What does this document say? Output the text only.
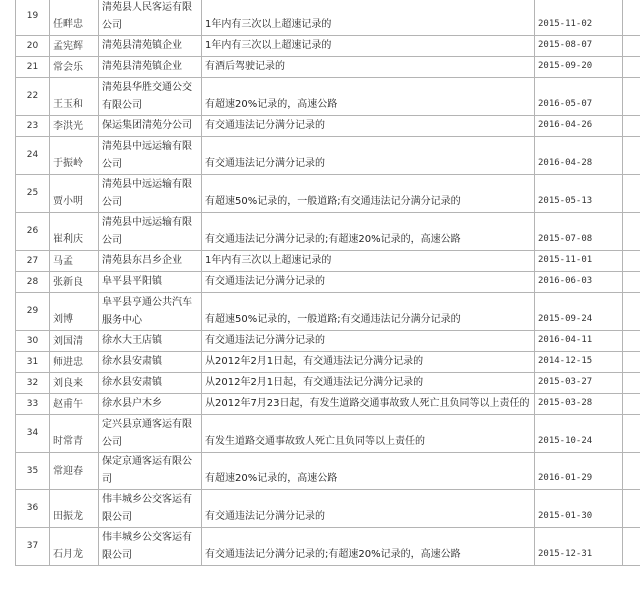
19	任畔忠	清苑县人民客运有限公司	1年内有三次以上超速记录的	2015-11-02	
20	孟宪辉	清苑县清苑镇企业	1年内有三次以上超速记录的	2015-08-07	
21	常会乐	清苑县清苑镇企业	有酒后驾驶记录的	2015-09-20	
22	王玉和	清苑县华胜交通公交有限公司	有超速20%记录的，高速公路	2016-05-07	
23	李洪光	保运集团清苑分公司	有交通违法记分满分记录的	2016-04-26	
24	于振岭	清苑县中远运输有限公司	有交通违法记分满分记录的	2016-04-28	
25	贾小明	清苑县中远运输有限公司	有超速50%记录的，一般道路;有交通违法记分满分记录的	2015-05-13	
26	崔利庆	清苑县中远运输有限公司	有交通违法记分满分记录的;有超速20%记录的，高速公路	2015-07-08	
27	马孟	清苑县东吕乡企业	1年内有三次以上超速记录的	2015-11-01	
28	张新良	阜平县平阳镇	有交通违法记分满分记录的	2016-06-03	
29	刘博	阜平县亨通公共汽车服务中心	有超速50%记录的，一般道路;有交通违法记分满分记录的	2015-09-24	
30	刘国清	徐水大王店镇	有交通违法记分满分记录的	2016-04-11	
31	师进忠	徐水县安肃镇	从2012年2月1日起，有交通违法记分满分记录的	2014-12-15	
32	刘良来	徐水县安肃镇	从2012年2月1日起，有交通违法记分满分记录的	2015-03-27	
33	赵甫午	徐水县户木乡	从2012年7月23日起，有发生道路交通事故致人死亡且负同等以上责任的	2015-03-28	
34	时常青	定兴县京通客运有限公司	有发生道路交通事故致人死亡且负同等以上责任的	2015-10-24	
35	常迎春	保定京通客运有限公司	有超速20%记录的，高速公路	2016-01-29	
36	田振龙	伟丰城乡公交客运有限公司	有交通违法记分满分记录的	2015-01-30	
37	石月龙	伟丰城乡公交客运有限公司	有交通违法记分满分记录的;有超速20%记录的，高速公路	2015-12-31	
